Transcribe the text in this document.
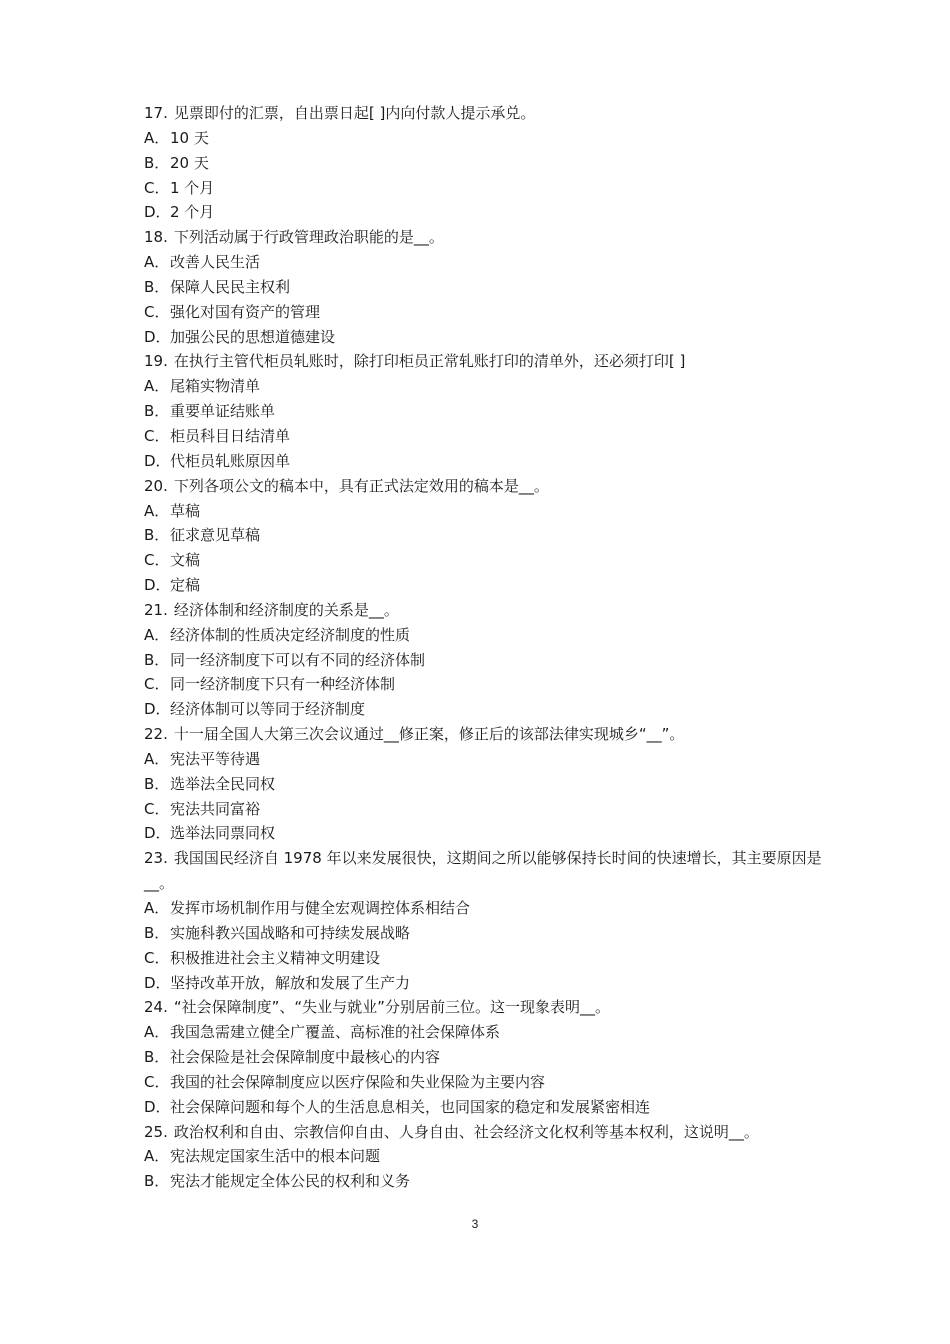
17. 见票即付的汇票，自出票日起[ ]内向付款人提示承兑。
A．10 天
B．20 天
C．1 个月
D．2 个月
18. 下列活动属于行政管理政治职能的是__。
A．改善人民生活
B．保障人民民主权利
C．强化对国有资产的管理
D．加强公民的思想道德建设
19. 在执行主管代柜员轧账时，除打印柜员正常轧账打印的清单外，还必须打印[ ]
A．尾箱实物清单
B．重要单证结账单
C．柜员科目日结清单
D．代柜员轧账原因单
20. 下列各项公文的稿本中，具有正式法定效用的稿本是__。
A．草稿
B．征求意见草稿
C．文稿
D．定稿
21. 经济体制和经济制度的关系是__。
A．经济体制的性质决定经济制度的性质
B．同一经济制度下可以有不同的经济体制
C．同一经济制度下只有一种经济体制
D．经济体制可以等同于经济制度
22. 十一届全国人大第三次会议通过__修正案，修正后的该部法律实现城乡“__”。
A．宪法平等待遇
B．选举法全民同权
C．宪法共同富裕
D．选举法同票同权
23. 我国国民经济自 1978 年以来发展很快，这期间之所以能够保持长时间的快速增长，其主要原因是__。
A．发挥市场机制作用与健全宏观调控体系相结合
B．实施科教兴国战略和可持续发展战略
C．积极推进社会主义精神文明建设
D．坚持改革开放，解放和发展了生产力
24. “社会保障制度”、“失业与就业”分别居前三位。这一现象表明__。
A．我国急需建立健全广覆盖、高标准的社会保障体系
B．社会保险是社会保障制度中最核心的内容
C．我国的社会保障制度应以医疗保险和失业保险为主要内容
D．社会保障问题和每个人的生活息息相关，也同国家的稳定和发展紧密相连
25. 政治权利和自由、宗教信仰自由、人身自由、社会经济文化权利等基本权利，这说明__。
A．宪法规定国家生活中的根本问题
B．宪法才能规定全体公民的权利和义务
3
